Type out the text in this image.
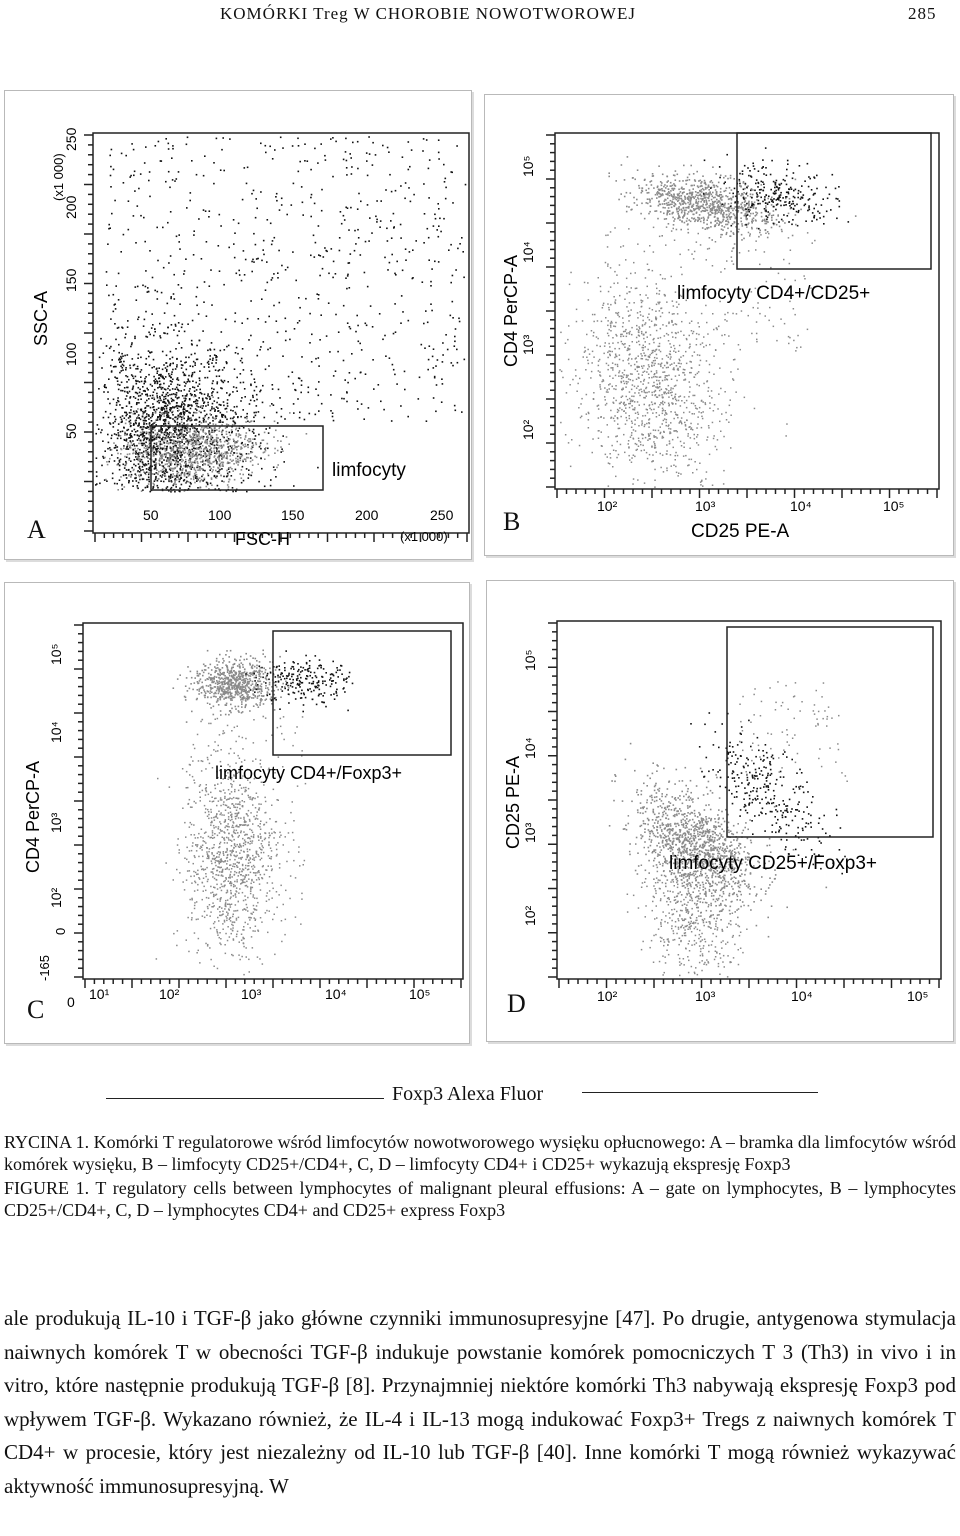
KOMÓRKI Treg W CHOROBIE NOWOTWOROWEJ	285
limfocyty
50	100	150	200	250
(x1 000)
FSC-H
50
100
150
200
250
(x1 000)
SSC-A
A
limfocyty CD4+/CD25+
10²	10³	10⁴	10⁵
CD25 PE-A
10²
10³
10⁴
10⁵
CD4 PerCP-A
B
limfocyty CD4+/Foxp3+
0 10¹	10²	10³	10⁴	10⁵
-165
0
10²
10³
10⁴
10⁵
CD4 PerCP-A
C
limfocyty CD25+/Foxp3+
10²	10³	10⁴	10⁵
10²
10³
10⁴
10⁵
CD25 PE-A
D
Foxp3 Alexa Fluor

RYCINA 1. Komórki T regulatorowe wśród limfocytów nowotworowego wysięku opłucnowego: A – bramka dla limfocytów wśród komórek wysięku, B – limfocyty CD25+/CD4+, C, D – limfocyty CD4+ i CD25+ wykazują ekspresję Foxp3

FIGURE 1. T regulatory cells between lymphocytes of malignant pleural effusions: A – gate on lymphocytes, B – lymphocytes CD25+/CD4+, C, D – lymphocytes CD4+ and CD25+ express Foxp3

ale produkują IL-10 i TGF-β jako główne czynniki immunosupresyjne [47]. Po drugie, antygenowa stymulacja naiwnych komórek T w obecności TGF-β indukuje powstanie komórek pomocniczych T 3 (Th3) in vivo i in vitro, które następnie produkują TGF-β [8]. Przynajmniej niektóre komórki Th3 nabywają ekspresję Foxp3 pod wpływem TGF-β. Wykazano również, że IL-4 i IL-13 mogą indukować Foxp3+ Tregs z naiwnych komórek T CD4+ w procesie, który jest niezależny od IL-10 lub TGF-β [40]. Inne komórki T mogą również wykazywać aktywność immunosupresyjną. W
